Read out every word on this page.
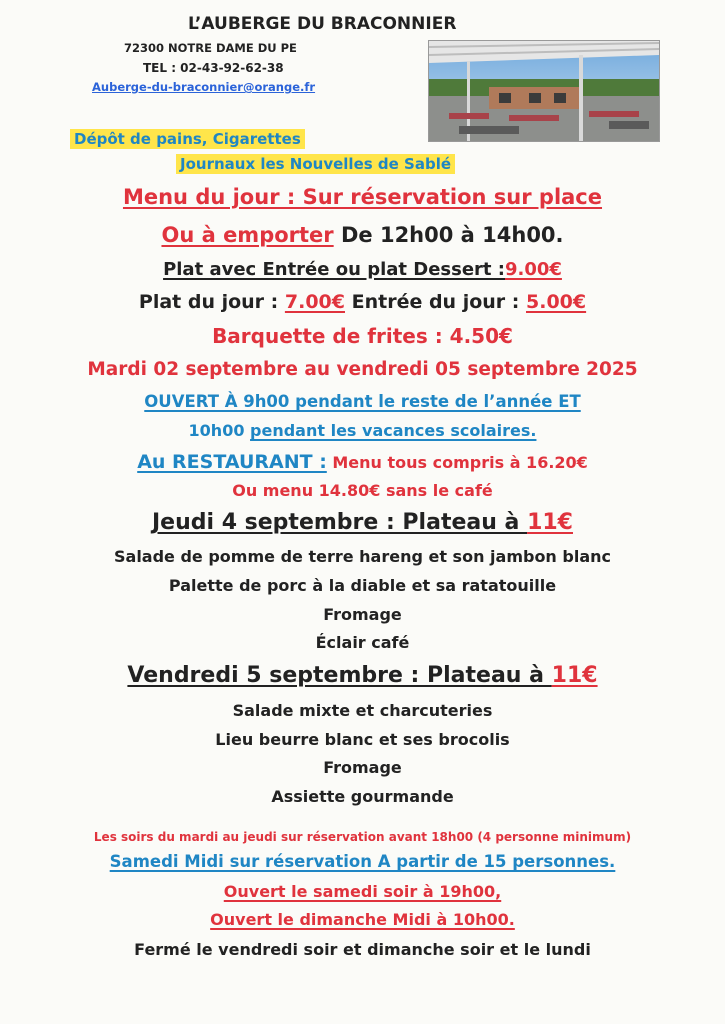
L’AUBERGE DU BRACONNIER
72300 NOTRE DAME DU PE
TEL : 02-43-92-62-38
Auberge-du-braconnier@orange.fr
Dépôt de pains, Cigarettes
Journaux les Nouvelles de Sablé
Menu du jour : Sur réservation sur place
Ou à emporter De 12h00 à 14h00.
Plat avec Entrée ou plat Dessert :9.00€
Plat du jour : 7.00€ Entrée du jour : 5.00€
Barquette de frites : 4.50€
Mardi 02 septembre au vendredi 05 septembre 2025
OUVERT À 9h00 pendant le reste de l’année ET
10h00 pendant les vacances scolaires.
Au RESTAURANT : Menu tous compris à 16.20€
Ou menu 14.80€ sans le café
Jeudi 4 septembre : Plateau à 11€
Salade de pomme de terre hareng et son jambon blanc
Palette de porc à la diable et sa ratatouille
Fromage
Éclair café
Vendredi 5 septembre : Plateau à 11€
Salade mixte et charcuteries
Lieu beurre blanc et ses brocolis
Fromage
Assiette gourmande
Les soirs du mardi au jeudi sur réservation avant 18h00 (4 personne minimum)
Samedi Midi sur réservation A partir de 15 personnes.
Ouvert le samedi soir à 19h00,
Ouvert le dimanche Midi à 10h00.
Fermé le vendredi soir et dimanche soir et le lundi
